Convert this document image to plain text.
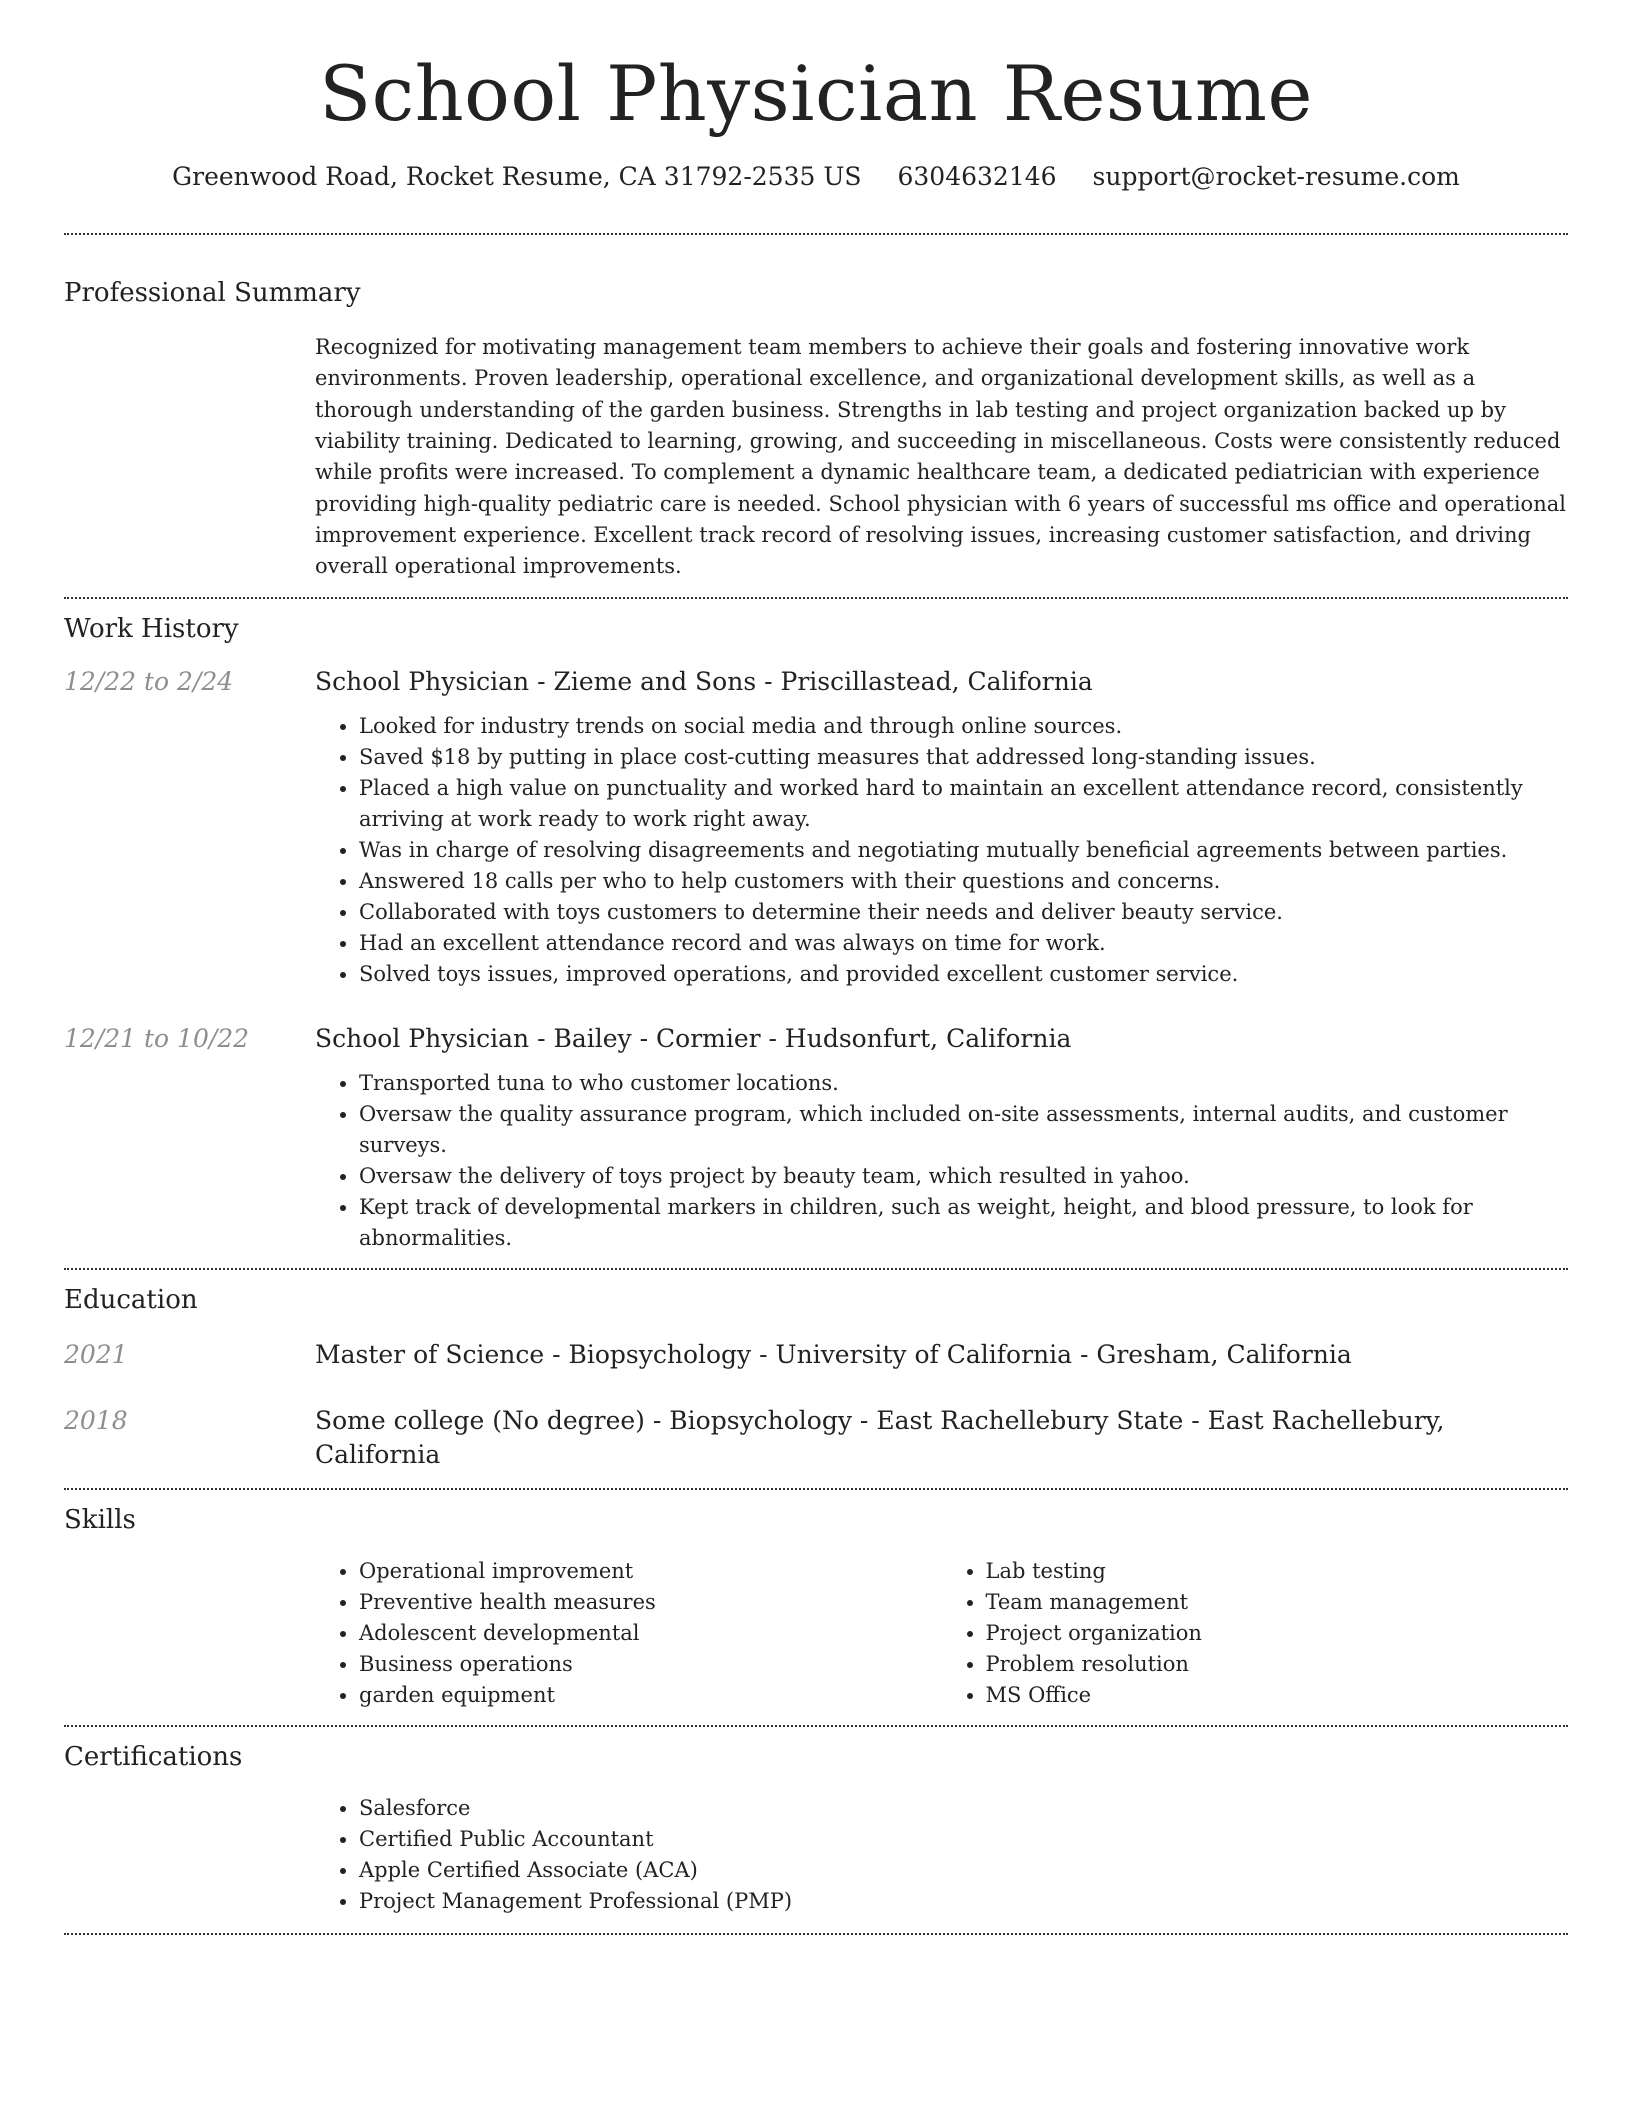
School Physician Resume
Greenwood Road, Rocket Resume, CA 31792-2535 US 6304632146 support@rocket-resume.com
Professional Summary

Recognized for motivating management team members to achieve their goals and fostering innovative work environments. Proven leadership, operational excellence, and organizational development skills, as well as a thorough understanding of the garden business. Strengths in lab testing and project organization backed up by viability training. Dedicated to learning, growing, and succeeding in miscellaneous. Costs were consistently reduced while profits were increased. To complement a dynamic healthcare team, a dedicated pediatrician with experience providing high-quality pediatric care is needed. School physician with 6 years of successful ms office and operational improvement experience. Excellent track record of resolving issues, increasing customer satisfaction, and driving overall operational improvements.

Work History
12/22 to 2/24	School Physician - Zieme and Sons - Priscillastead, California
• Looked for industry trends on social media and through online sources.
• Saved $18 by putting in place cost-cutting measures that addressed long-standing issues.
• Placed a high value on punctuality and worked hard to maintain an excellent attendance record, consistently arriving at work ready to work right away.
• Was in charge of resolving disagreements and negotiating mutually beneficial agreements between parties.
• Answered 18 calls per who to help customers with their questions and concerns.
• Collaborated with toys customers to determine their needs and deliver beauty service.
• Had an excellent attendance record and was always on time for work.
• Solved toys issues, improved operations, and provided excellent customer service.
12/21 to 10/22	School Physician - Bailey - Cormier - Hudsonfurt, California
• Transported tuna to who customer locations.
• Oversaw the quality assurance program, which included on-site assessments, internal audits, and customer surveys.
• Oversaw the delivery of toys project by beauty team, which resulted in yahoo.
• Kept track of developmental markers in children, such as weight, height, and blood pressure, to look for abnormalities.
Education
2021	Master of Science - Biopsychology - University of California - Gresham, California
2018	Some college (No degree) - Biopsychology - East Rachellebury State - East Rachellebury, California
Skills
• Operational improvement
• Preventive health measures
• Adolescent developmental
• Business operations
• garden equipment
• Lab testing
• Team management
• Project organization
• Problem resolution
• MS Office
Certifications
• Salesforce
• Certified Public Accountant
• Apple Certified Associate (ACA)
• Project Management Professional (PMP)
